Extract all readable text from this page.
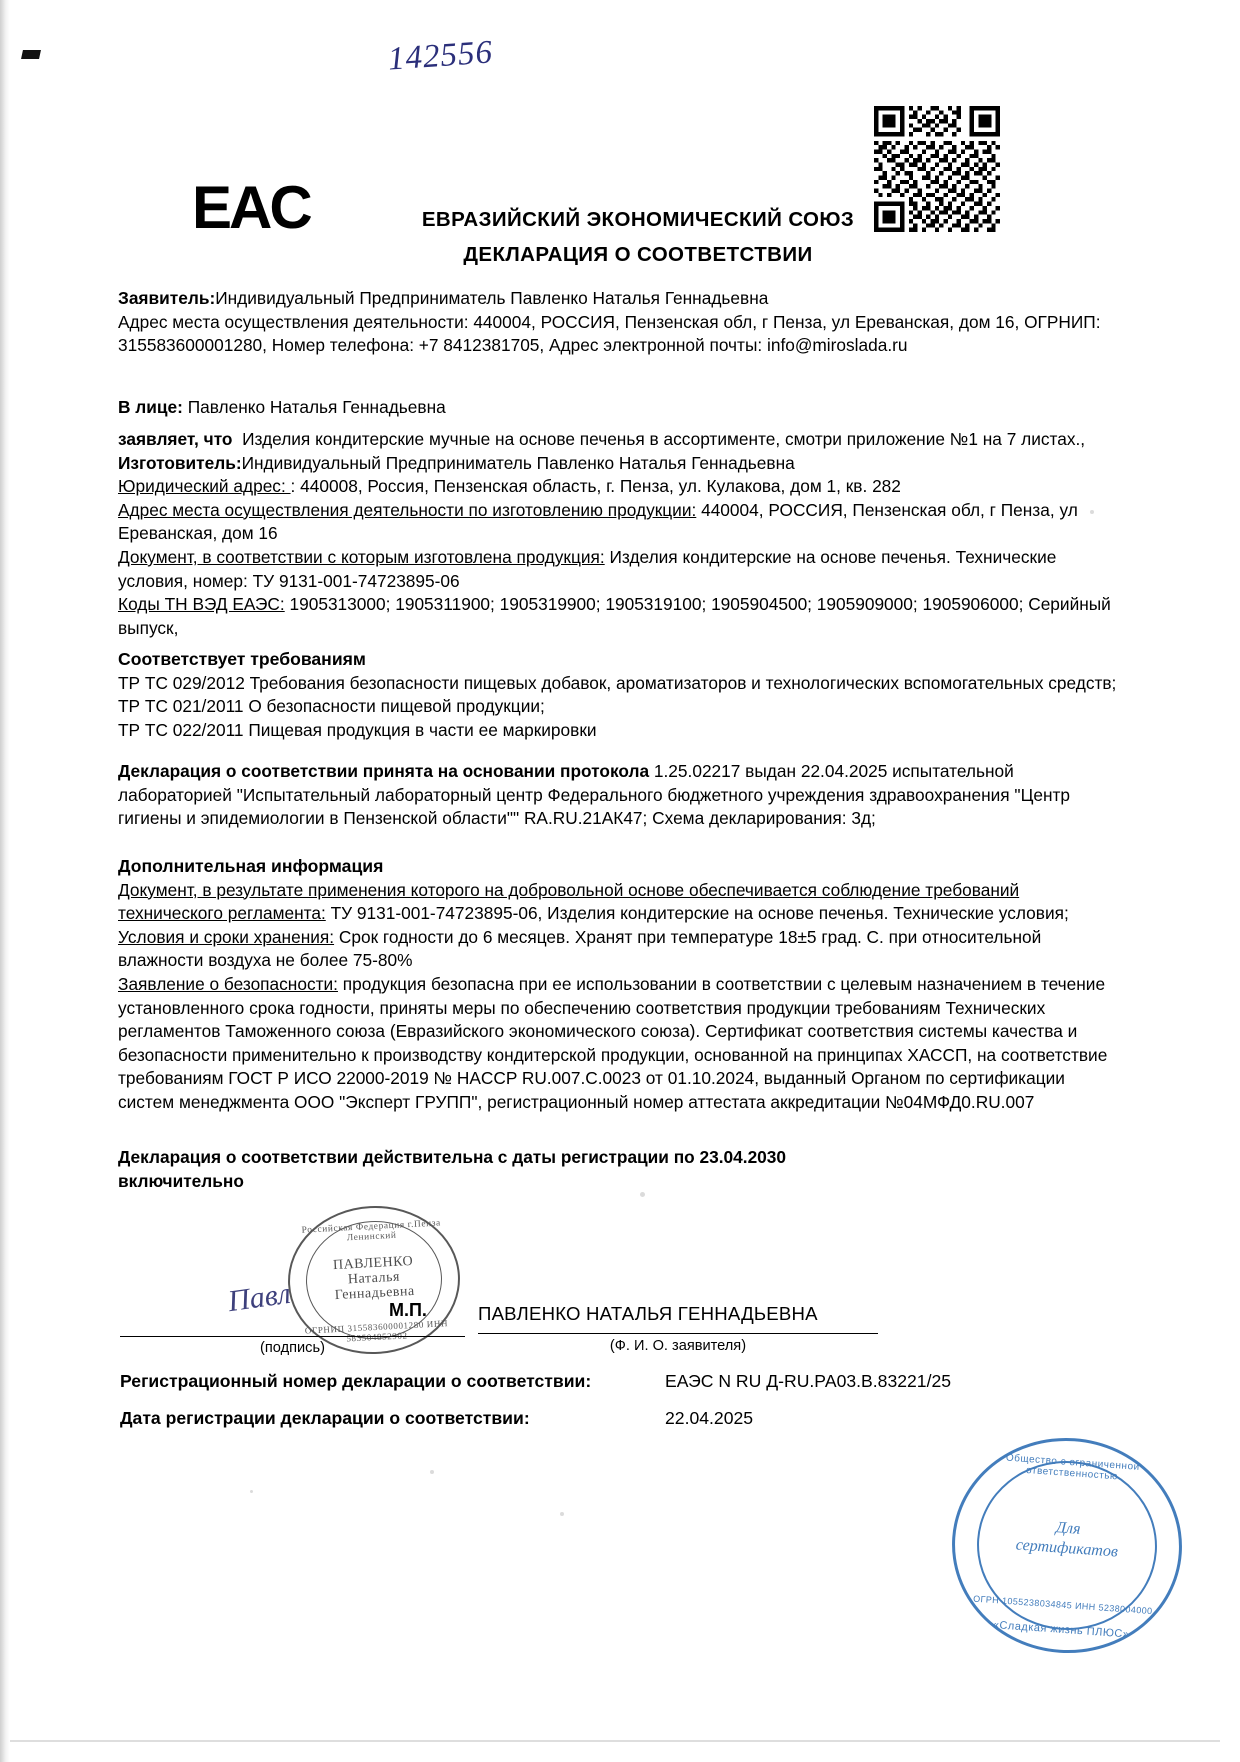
142556
EAC	ЕВРАЗИЙСКИЙ ЭКОНОМИЧЕСКИЙ СОЮЗ
ДЕКЛАРАЦИЯ О СООТВЕТСТВИИ
Заявитель:Индивидуальный Предприниматель Павленко Наталья Геннадьевна
Адрес места осуществления деятельности: 440004, РОССИЯ, Пензенская обл, г Пенза, ул Ереванская, дом 16, ОГРНИП: 315583600001280, Номер телефона: +7 8412381705, Адрес электронной почты: info@miroslada.ru
В лице: Павленко Наталья Геннадьевна
заявляет, что Изделия кондитерские мучные на основе печенья в ассортименте, смотри приложение №1 на 7 листах.,
Изготовитель:Индивидуальный Предприниматель Павленко Наталья Геннадьевна
Юридический адрес: : 440008, Россия, Пензенская область, г. Пенза, ул. Кулакова, дом 1, кв. 282
Адрес места осуществления деятельности по изготовлению продукции: 440004, РОССИЯ, Пензенская обл, г Пенза, ул Ереванская, дом 16
Документ, в соответствии с которым изготовлена продукция: Изделия кондитерские на основе печенья. Технические условия, номер: ТУ 9131-001-74723895-06
Коды ТН ВЭД ЕАЭС: 1905313000; 1905311900; 1905319900; 1905319100; 1905904500; 1905909000; 1905906000; Серийный выпуск,
Соответствует требованиям
ТР ТС 029/2012 Требования безопасности пищевых добавок, ароматизаторов и технологических вспомогательных средств;
ТР ТС 021/2011 О безопасности пищевой продукции;
ТР ТС 022/2011 Пищевая продукция в части ее маркировки
Декларация о соответствии принята на основании протокола 1.25.02217 выдан 22.04.2025 испытательной лабораторией "Испытательный лабораторный центр Федерального бюджетного учреждения здравоохранения "Центр гигиены и эпидемиологии в Пензенской области"" RA.RU.21АК47; Схема декларирования: 3д;
Дополнительная информация
Документ, в результате применения которого на добровольной основе обеспечивается соблюдение требований технического регламента: ТУ 9131-001-74723895-06, Изделия кондитерские на основе печенья. Технические условия;
Условия и сроки хранения: Срок годности до 6 месяцев. Хранят при температуре 18±5 град. С. при относительной влажности воздуха не более 75-80%
Заявление о безопасности: продукция безопасна при ее использовании в соответствии с целевым назначением в течение установленного срока годности, приняты меры по обеспечению соответствия продукции требованиям Технических регламентов Таможенного союза (Евразийского экономического союза). Сертификат соответствия системы качества и безопасности применительно к производству кондитерской продукции, основанной на принципах ХАССП, на соответствие требованиям ГОСТ Р ИСО 22000-2019 № HACCP RU.007.C.0023 от 01.10.2024, выданный Органом по сертификации систем менеджмента ООО "Эксперт ГРУПП", регистрационный номер аттестата аккредитации №04МФД0.RU.007
Декларация о соответствии действительна с даты регистрации по 23.04.2030
включительно
Российская Федерация г.Пенза Ленинский
ПАВЛЕНКО
Наталья
Геннадьевна
ОГРНИП 315583600001280 ИНН 583504852902
Павл
(подпись)
М.П.	ПАВЛЕНКО НАТАЛЬЯ ГЕННАДЬЕВНА
(Ф. И. О. заявителя)
Регистрационный номер декларации о соответствии:	ЕАЭС N RU Д-RU.РА03.В.83221/25
Дата регистрации декларации о соответствии:	22.04.2025
Общество с ограниченной ответственностью
Для
сертификатов
ОГРН 1055238034845 ИНН 5238004000
«Сладкая жизнь ПЛЮС»
